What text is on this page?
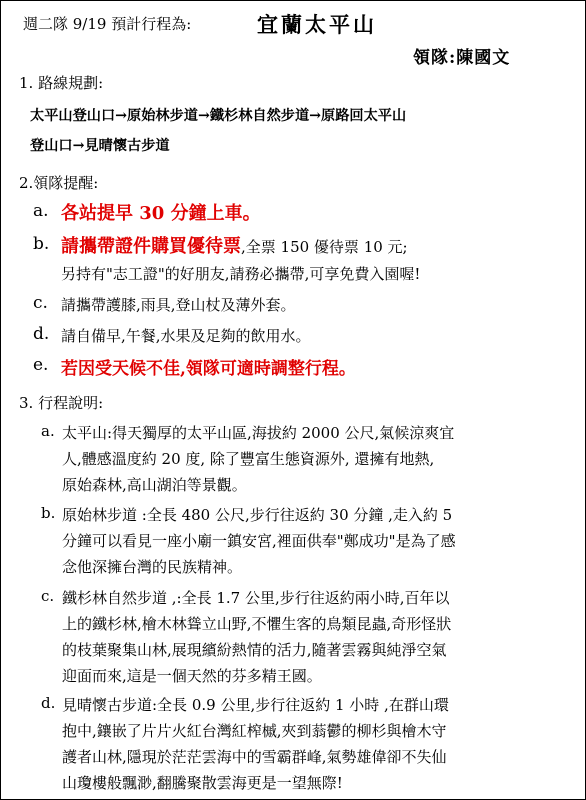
週二隊 9/19 預計行程為:	宜蘭太平山
領隊:陳國文
1. 路線規劃:
太平山登山口→原始林步道→鐵杉林自然步道→原路回太平山
登山口→見晴懷古步道
2.領隊提醒:
a. 各站提早 30 分鐘上車。
b. 請攜帶證件購買優待票,全票 150 優待票 10 元;
另持有"志工證"的好朋友,請務必攜帶,可享免費入園喔!
c. 請攜帶護膝,雨具,登山杖及薄外套。
d. 請自備早,午餐,水果及足夠的飲用水。
e. 若因受天候不佳,領隊可適時調整行程。
3. 行程說明:
a. 太平山:得天獨厚的太平山區,海拔約 2000 公尺,氣候涼爽宜
人,體感溫度約 20 度, 除了豐富生態資源外, 還擁有地熱,
原始森林,高山湖泊等景觀。
b. 原始林步道 :全長 480 公尺,步行往返約 30 分鐘 ,走入約 5
分鐘可以看見一座小廟一鎮安宮,裡面供奉"鄭成功"是為了感
念他深擁台灣的民族精神。
c. 鐵杉林自然步道 ,:全長 1.7 公里,步行往返約兩小時,百年以
上的鐵杉林,檜木林聳立山野,不懼生客的鳥類昆蟲,奇形怪狀
的枝葉聚集山林,展現繽紛熱情的活力,隨著雲霧與純淨空氣
迎面而來,這是一個天然的芬多精王國。
d. 見晴懷古步道:全長 0.9 公里,步行往返約 1 小時 ,在群山環
抱中,鑲嵌了片片火紅台灣紅榨槭,夾到蓊鬱的柳杉與檜木守
護者山林,隱現於茫茫雲海中的雪霸群峰,氣勢雄偉卻不失仙
山瓊樓般飄渺,翻騰聚散雲海更是一望無際!
